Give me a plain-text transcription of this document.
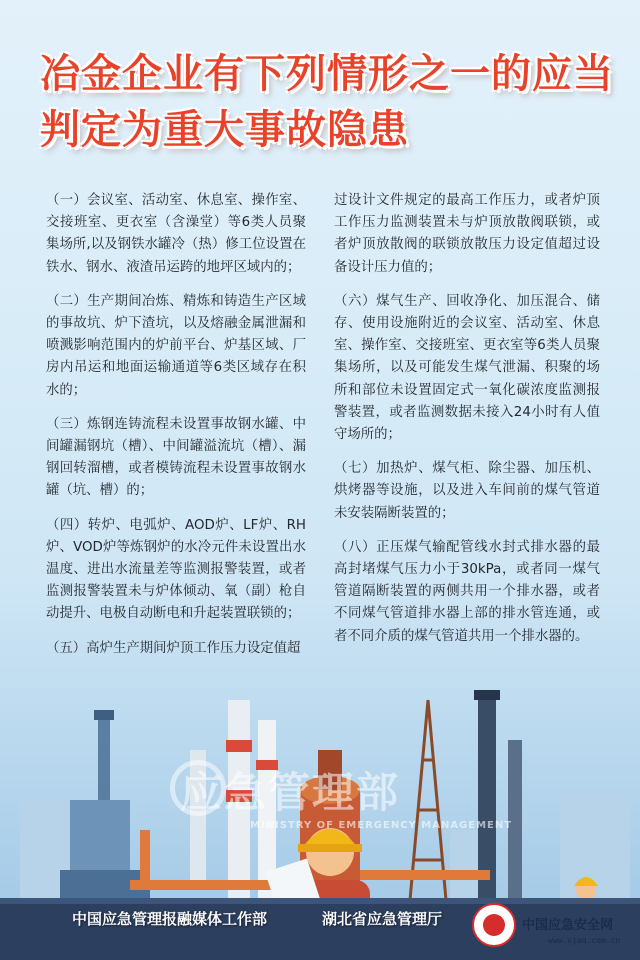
冶金企业有下列情形之一的应当判定为重大事故隐患

（一）会议室、活动室、休息室、操作室、交接班室、更衣室（含澡堂）等6类人员聚集场所,以及钢铁水罐冷（热）修工位设置在铁水、钢水、液渣吊运跨的地坪区域内的；

（二）生产期间冶炼、精炼和铸造生产区域的事故坑、炉下渣坑，以及熔融金属泄漏和喷溅影响范围内的炉前平台、炉基区域、厂房内吊运和地面运输通道等6类区域存在积水的；

（三）炼钢连铸流程未设置事故钢水罐、中间罐漏钢坑（槽）、中间罐溢流坑（槽）、漏钢回转溜槽，或者模铸流程未设置事故钢水罐（坑、槽）的；

（四）转炉、电弧炉、AOD炉、LF炉、RH炉、VOD炉等炼钢炉的水冷元件未设置出水温度、进出水流量差等监测报警装置，或者监测报警装置未与炉体倾动、氧（副）枪自动提升、电极自动断电和升起装置联锁的；

（五）高炉生产期间炉顶工作压力设定值超

过设计文件规定的最高工作压力，或者炉顶工作压力监测装置未与炉顶放散阀联锁，或者炉顶放散阀的联锁放散压力设定值超过设备设计压力值的；

（六）煤气生产、回收净化、加压混合、储存、使用设施附近的会议室、活动室、休息室、操作室、交接班室、更衣室等6类人员聚集场所，以及可能发生煤气泄漏、积聚的场所和部位未设置固定式一氧化碳浓度监测报警装置，或者监测数据未接入24小时有人值守场所的；

（七）加热炉、煤气柜、除尘器、加压机、烘烤器等设施，以及进入车间前的煤气管道未安装隔断装置的；

（八）正压煤气输配管线水封式排水器的最高封堵煤气压力小于30kPa，或者同一煤气管道隔断装置的两侧共用一个排水器，或者不同煤气管道排水器上部的排水管连通，或者不同介质的煤气管道共用一个排水器的。

应急管理部
MINISTRY OF EMERGENCY MANAGEMENT
中国应急管理报融媒体工作部	湖北省应急管理厅	中国应急安全网
www.xjaq.com.cn
